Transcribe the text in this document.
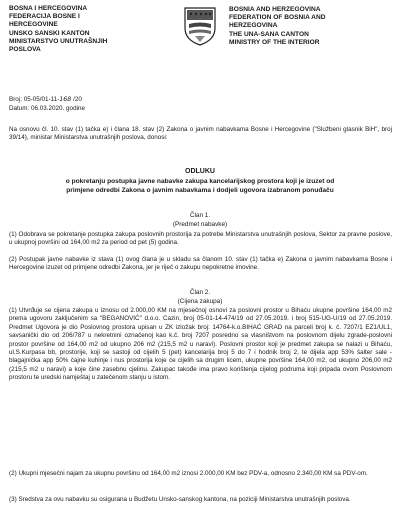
BOSNA I HERCEGOVINA
FEDERACIJA BOSNE I
HERCEGOVINE
UNSKO SANSKI KANTON
MINISTARSTVO UNUTRAŠNJIH
POSLOVA
BOSNIA AND HERZEGOVINA
FEDERATION OF BOSNIA AND
HERZEGOVINA
THE UNA-SANA CANTON
MINISTRY OF THE INTERIOR
Broj: 05-05/01-11-168 /20
Datum: 06.03.2020. godine
Na osnovu čl. 10. stav (1) tačka e) i člana 18. stav (2) Zakona o javnim nabavkama Bosne i Hercegovine ("Službeni glasnik BiH", broj 39/14), ministar Ministarstva unutrašnjih poslova, donosi:
ODLUKU
o pokretanju postupka javne nabavke zakupa kancelarijskog prostora koji je izuzet od
primjene odredbi Zakona o javnim nabavkama i dodjeli ugovora izabranom ponuđaču
Član 1.
(Predmet nabavke)
(1) Odobrava se pokretanje postupka zakupa poslovnih prostorija za potrebe Ministarstva unutrašnjih poslova, Sektor za pravne poslove, u ukupnoj površini od 164,00 m2 za period od pet (5) godina.
(2) Postupak javne nabavke iz stava (1) ovog člana je u skladu sa članom 10. stav (1) tačka e) Zakona o javnim nabavkama Bosne i Hercegovine izuzet od primjene odredbi Zakona, jer je riječ o zakupu nepokretne imovine.
Član 2.
(Cijena zakupa)
(1) Utvrđuje se cijena zakupa u iznosu od 2.000,00 KM na mjesečnoj osnovi za poslovni prostor u Bihaću ukupne površine 164,00 m2 prema ugovoru zaključenim sa "BEGANOVIĆ" d.o.o. Cazin, broj 05-01-14-474/19 od 27.05.2019. i broj 515-UG-U/19 od 27.05.2019. Predmet Ugovora je dio Poslovnog prostora upisan u ZK izložak broj: 14764-k.o.BIHAĆ GRAD na parceli broj k. č. 7207/1 EZ1/UL1, savsanički dio od 206/787 u nekretnini označenoj kao k.č. broj 7207 posredno sa vlasništvom na poslovnom dijelu zgrade-poslovni prostor površine od 164,00 m2 od ukupno 206 m2 (215,5 m2 u naravi). Poslovni prostor koji je predmet zakupa se nalazi u Bihaću, ul.S.Kurpasa bb, prostorije, koji se sastoji od cijelih 5 (pet) kancelarija broj 5 do 7 i hodnik broj 2, te dijela app 53% šalter sale - blagajnička app 50% čajne kuhinje i nus prostorija koje će cijelih sa drugim licem, ukupne površine 164,00 m2, od ukupno 206,00 m2 (215,5 m2 u naravi) a koje čine zasebnu cjelinu. Zakupac takođe ima pravo korištenja cijelog podruma koji pripada ovom Poslovnom prostoru te uredski namještaj u zatečenom stanju u istom.
(2) Ukupni mjesečni najam za ukupnu površinu od 164,00 m2 iznosi 2.000,00 KM bez PDV-a, odnosno 2.340,00 KM sa PDV-om.
(3) Sredstva za ovu nabavku su osigurana u Budžetu Unsko-sanskog kantona, na poziciji Ministarstva unutrašnjih poslova.
